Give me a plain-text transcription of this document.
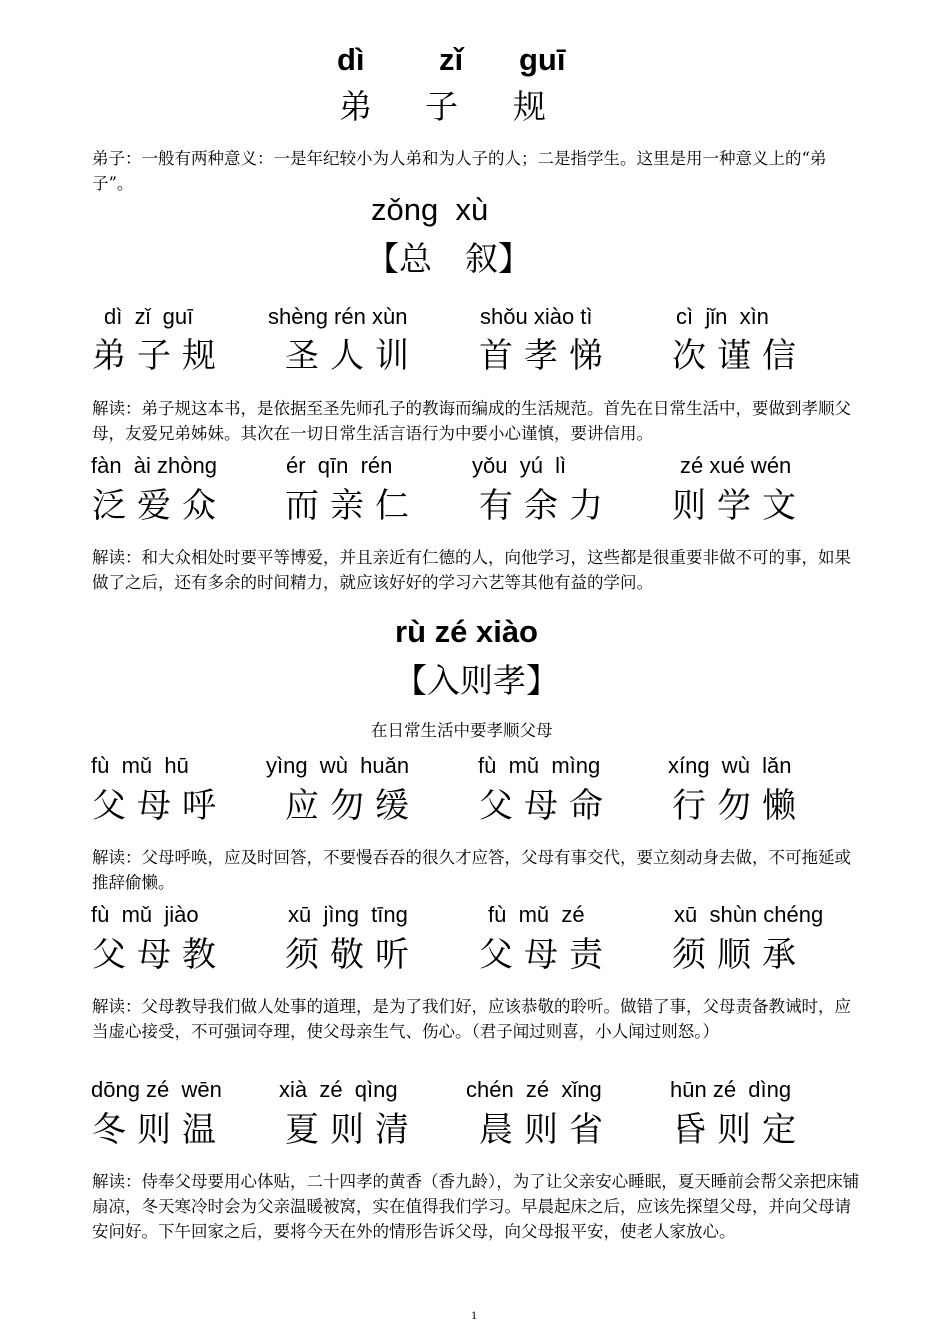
dì zǐ guī
弟 子 规
弟子：一般有两种意义：一是年纪较小为人弟和为人子的人；二是指学生。这里是用一种意义上的“弟子”。
zǒng  xù
【总　叙】
dì  zǐ  guī	shèng rén xùn	shǒu xiào tì	cì  jǐn  xìn
弟子规 圣人训 首孝悌 次谨信
解读：弟子规这本书，是依据至圣先师孔子的教诲而编成的生活规范。首先在日常生活中，要做到孝顺父母，友爱兄弟姊妹。其次在一切日常生活言语行为中要小心谨慎，要讲信用。
fàn  ài zhòng	ér  qīn  rén	yǒu  yú  lì	zé xué wén
泛爱众 而亲仁 有余力 则学文
解读：和大众相处时要平等博爱，并且亲近有仁德的人，向他学习，这些都是很重要非做不可的事，如果做了之后，还有多余的时间精力，就应该好好的学习六艺等其他有益的学问。
rù zé xiào
【入则孝】
在日常生活中要孝顺父母
fù  mǔ  hū	yìng  wù  huǎn	fù  mǔ  mìng	xíng  wù  lǎn
父母呼 应勿缓 父母命 行勿懒
解读：父母呼唤，应及时回答，不要慢吞吞的很久才应答，父母有事交代，要立刻动身去做，不可拖延或推辞偷懒。
fù  mǔ  jiào	xū  jìng  tīng	fù  mǔ  zé	xū  shùn chéng
父母教 须敬听 父母责 须顺承
解读：父母教导我们做人处事的道理，是为了我们好，应该恭敬的聆听。做错了事，父母责备教诫时，应当虚心接受，不可强词夺理，使父母亲生气、伤心。（君子闻过则喜，小人闻过则怒。）
dōng zé  wēn	xià  zé  qìng	chén  zé  xǐng	hūn zé  dìng
冬则温 夏则清 晨则省 昏则定
解读：侍奉父母要用心体贴，二十四孝的黄香（香九龄），为了让父亲安心睡眠，夏天睡前会帮父亲把床铺扇凉，冬天寒冷时会为父亲温暖被窝，实在值得我们学习。早晨起床之后，应该先探望父母，并向父母请安问好。下午回家之后，要将今天在外的情形告诉父母，向父母报平安，使老人家放心。
1
